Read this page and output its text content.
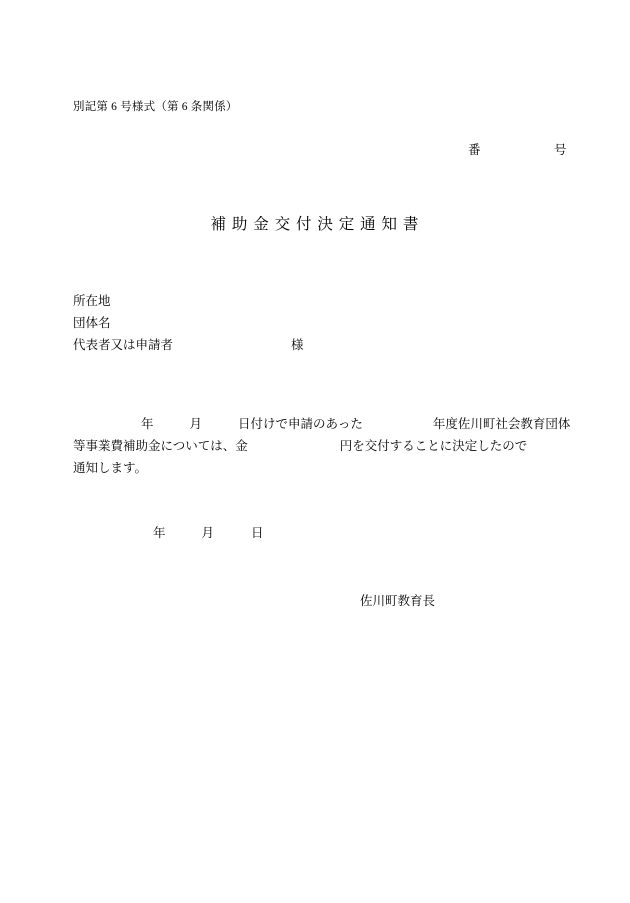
別記第 6 号様式（第 6 条関係）
番	号
補 助 金 交 付 決 定 通 知 書
所在地
団体名
代表者又は申請者	様
年	月	日付けで申請のあった	年度佐川町社会教育団体
等事業費補助金については、金	円を交付することに決定したので
通知します。
年	月	日
佐川町教育長
